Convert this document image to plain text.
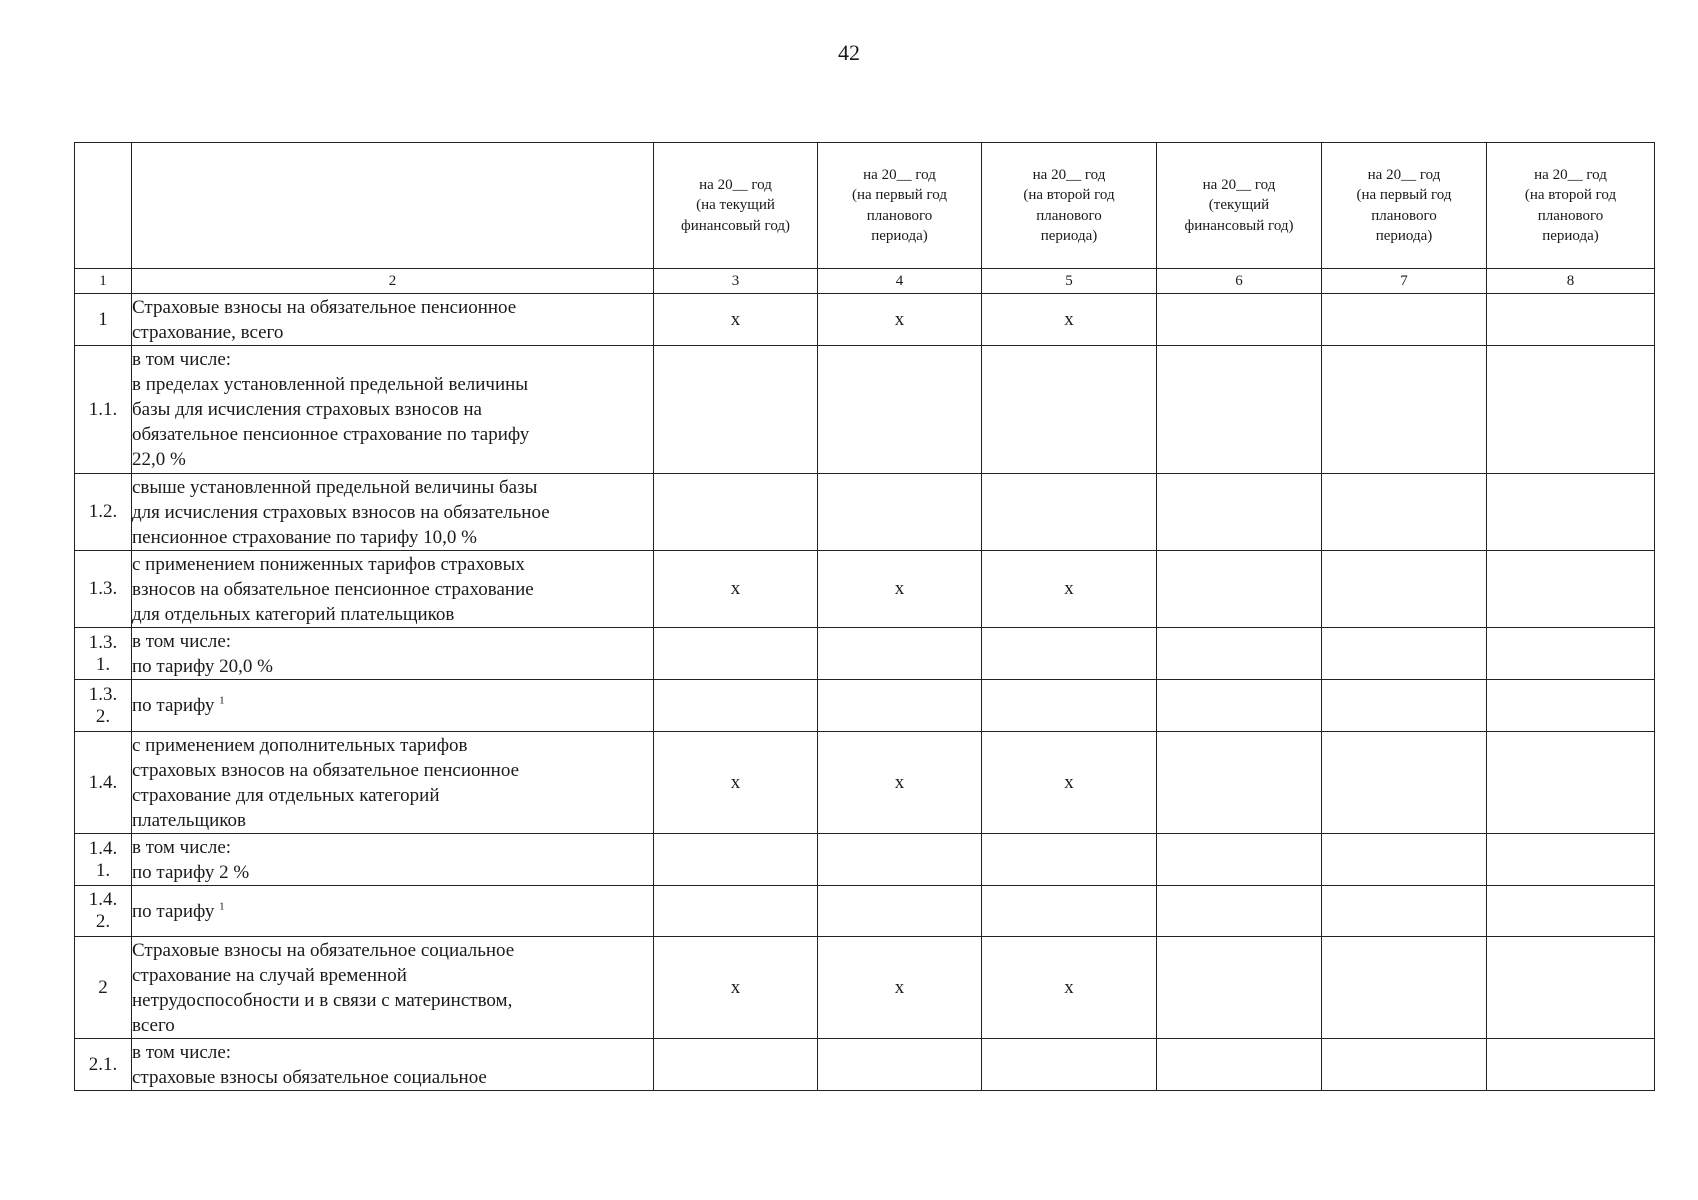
42

		на 20__ год
(на текущий
финансовый год)	на 20__ год
(на первый год
планового
периода)	на 20__ год
(на второй год
планового
периода)	на 20__ год
(текущий
финансовый год)	на 20__ год
(на первый год
планового
периода)	на 20__ год
(на второй год
планового
периода)

1	2	3	4	5	6	7	8

1	Страховые взносы на обязательное пенсионное
страхование, всего	x	x	x			

1.1.	в том числе:
в пределах установленной предельной величины
базы для исчисления страховых взносов на
обязательное пенсионное страхование по тарифу
22,0 %						

1.2.	свыше установленной предельной величины базы
для исчисления страховых взносов на обязательное
пенсионное страхование по тарифу 10,0 %						

1.3.	с применением пониженных тарифов страховых
взносов на обязательное пенсионное страхование
для отдельных категорий плательщиков	x	x	x			

1.3.
1.	в том числе:
по тарифу 20,0 %						

1.3.
2.	по тарифу $^1$

1.4.	с применением дополнительных тарифов
страховых взносов на обязательное пенсионное
страхование для отдельных категорий
плательщиков	x	x	x			

1.4.
1.	в том числе:
по тарифу 2 %						

1.4.
2.	по тарифу $^1$

2	Страховые взносы на обязательное социальное
страхование на случай временной
нетрудоспособности и в связи с материнством,
всего	x	x	x			

2.1.	в том числе:
страховые взносы обязательное социальное						
